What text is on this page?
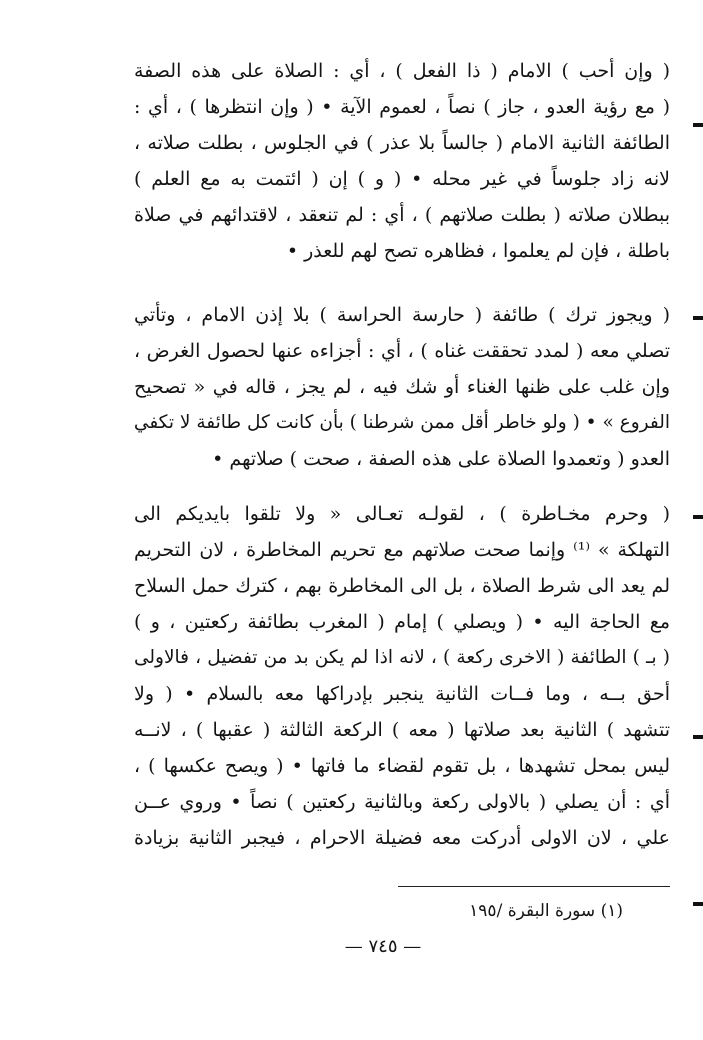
( وإن أحب ) الامام ( ذا الفعل ) ، أي : الصلاة على هذه الصفة
( مع رؤية العدو ، جاز ) نصاً ، لعموم الآية • ( وإن انتظرها ) ، أي :
الطائفة الثانية الامام ( جالساً بلا عذر ) في الجلوس ، بطلت صلاته ،
لانه زاد جلوساً في غير محله • ( و ) إن ( ائتمت به مع العلم )
ببطلان صلاته ( بطلت صلاتهم ) ، أي : لم تنعقد ، لاقتدائهم في صلاة
باطلة ، فإن لم يعلموا ، فظاهره تصح لهم للعذر •
( ويجوز ترك ) طائفة ( حارسة الحراسة ) بلا إذن الامام ، وتأتي
تصلي معه ( لمدد تحققت غناه ) ، أي : أجزاءه عنها لحصول الغرض ،
وإن غلب على ظنها الغناء أو شك فيه ، لم يجز ، قاله في « تصحيح
الفروع » • ( ولو خاطر أقل ممن شرطنا ) بأن كانت كل طائفة لا تكفي
العدو ( وتعمدوا الصلاة على هذه الصفة ، صحت ) صلاتهم •
( وحرم مخـاطرة ) ، لقولـه تعـالى « ولا تلقوا بايديكم الى
التهلكة » ⁽¹⁾ وإنما صحت صلاتهم مع تحريم المخاطرة ، لان التحريم
لم يعد الى شرط الصلاة ، بل الى المخاطرة بهم ، كترك حمل السلاح
مع الحاجة اليه • ( ويصلي ) إمام ( المغرب بطائفة ركعتين ، و )
( بـ ) الطائفة ( الاخرى ركعة ) ، لانه اذا لم يكن بد من تفضيل ، فالاولى
أحق بــه ، وما فــات الثانية ينجبر بإدراكها معه بالسلام • ( ولا
تتشهد ) الثانية بعد صلاتها ( معه ) الركعة الثالثة ( عقبها ) ، لانــه
ليس بمحل تشهدها ، بل تقوم لقضاء ما فاتها • ( ويصح عكسها ) ،
أي : أن يصلي ( بالاولى ركعة وبالثانية ركعتين ) نصاً • وروي عــن
علي ، لان الاولى أدركت معه فضيلة الاحرام ، فيجبر الثانية بزيادة
(١) سورة البقرة /١٩٥
— ٧٤٥ —
